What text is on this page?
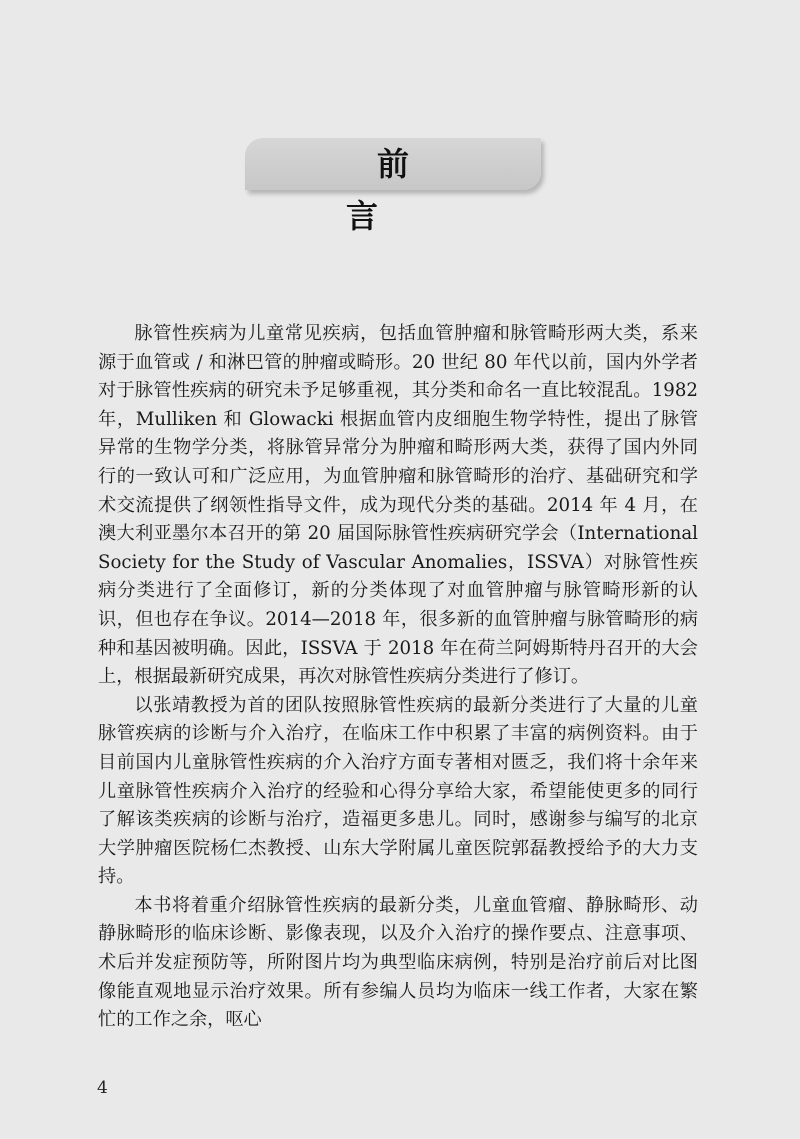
前 言

脉管性疾病为儿童常见疾病，包括血管肿瘤和脉管畸形两大类，系来源于血管或 / 和淋巴管的肿瘤或畸形。20 世纪 80 年代以前，国内外学者对于脉管性疾病的研究未予足够重视，其分类和命名一直比较混乱。1982 年，Mulliken 和 Glowacki 根据血管内皮细胞生物学特性，提出了脉管异常的生物学分类，将脉管异常分为肿瘤和畸形两大类，获得了国内外同行的一致认可和广泛应用，为血管肿瘤和脉管畸形的治疗、基础研究和学术交流提供了纲领性指导文件，成为现代分类的基础。2014 年 4 月，在澳大利亚墨尔本召开的第 20 届国际脉管性疾病研究学会（International Society for the Study of Vascular Anomalies，ISSVA）对脉管性疾病分类进行了全面修订，新的分类体现了对血管肿瘤与脉管畸形新的认识，但也存在争议。2014—2018 年，很多新的血管肿瘤与脉管畸形的病种和基因被明确。因此，ISSVA 于 2018 年在荷兰阿姆斯特丹召开的大会上，根据最新研究成果，再次对脉管性疾病分类进行了修订。

以张靖教授为首的团队按照脉管性疾病的最新分类进行了大量的儿童脉管疾病的诊断与介入治疗，在临床工作中积累了丰富的病例资料。由于目前国内儿童脉管性疾病的介入治疗方面专著相对匮乏，我们将十余年来儿童脉管性疾病介入治疗的经验和心得分享给大家，希望能使更多的同行了解该类疾病的诊断与治疗，造福更多患儿。同时，感谢参与编写的北京大学肿瘤医院杨仁杰教授、山东大学附属儿童医院郭磊教授给予的大力支持。

本书将着重介绍脉管性疾病的最新分类，儿童血管瘤、静脉畸形、动静脉畸形的临床诊断、影像表现，以及介入治疗的操作要点、注意事项、术后并发症预防等，所附图片均为典型临床病例，特别是治疗前后对比图像能直观地显示治疗效果。所有参编人员均为临床一线工作者，大家在繁忙的工作之余，呕心

4
